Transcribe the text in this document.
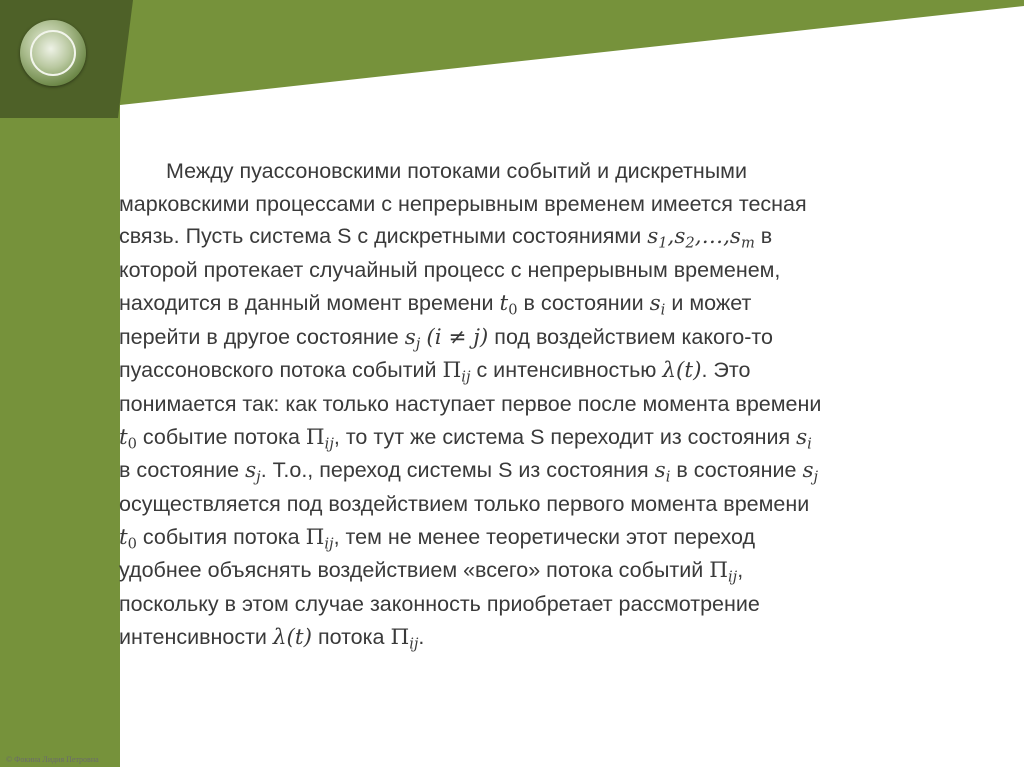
Между пуассоновскими потоками событий и дискретными
марковскими процессами с непрерывным временем имеется тесная
связь. Пусть система S с дискретными состояниями $s_1,s_2,\dots,s_m$ в
которой протекает случайный процесс с непрерывным временем,
находится в данный момент времени $t_0$ в состоянии $s_i$ и может
перейти в другое состояние $s_j$ (i ≠ j) под воздействием какого-то
пуассоновского потока событий $\Pi_{ij}$ с интенсивностью λ(t). Это
понимается так: как только наступает первое после момента времени
$t_0$ событие потока $\Pi_{ij}$, то тут же система S переходит из состояния $s_i$
в состояние $s_j$. Т.о., переход системы S из состояния $s_i$ в состояние $s_j$
осуществляется под воздействием только первого момента времени
$t_0$ события потока $\Pi_{ij}$, тем не менее теоретически этот переход
удобнее объяснять воздействием «всего» потока событий $\Pi_{ij}$,
поскольку в этом случае законность приобретает рассмотрение
интенсивности λ(t) потока $\Pi_{ij}$.
© Фокина Лидия Петровна
